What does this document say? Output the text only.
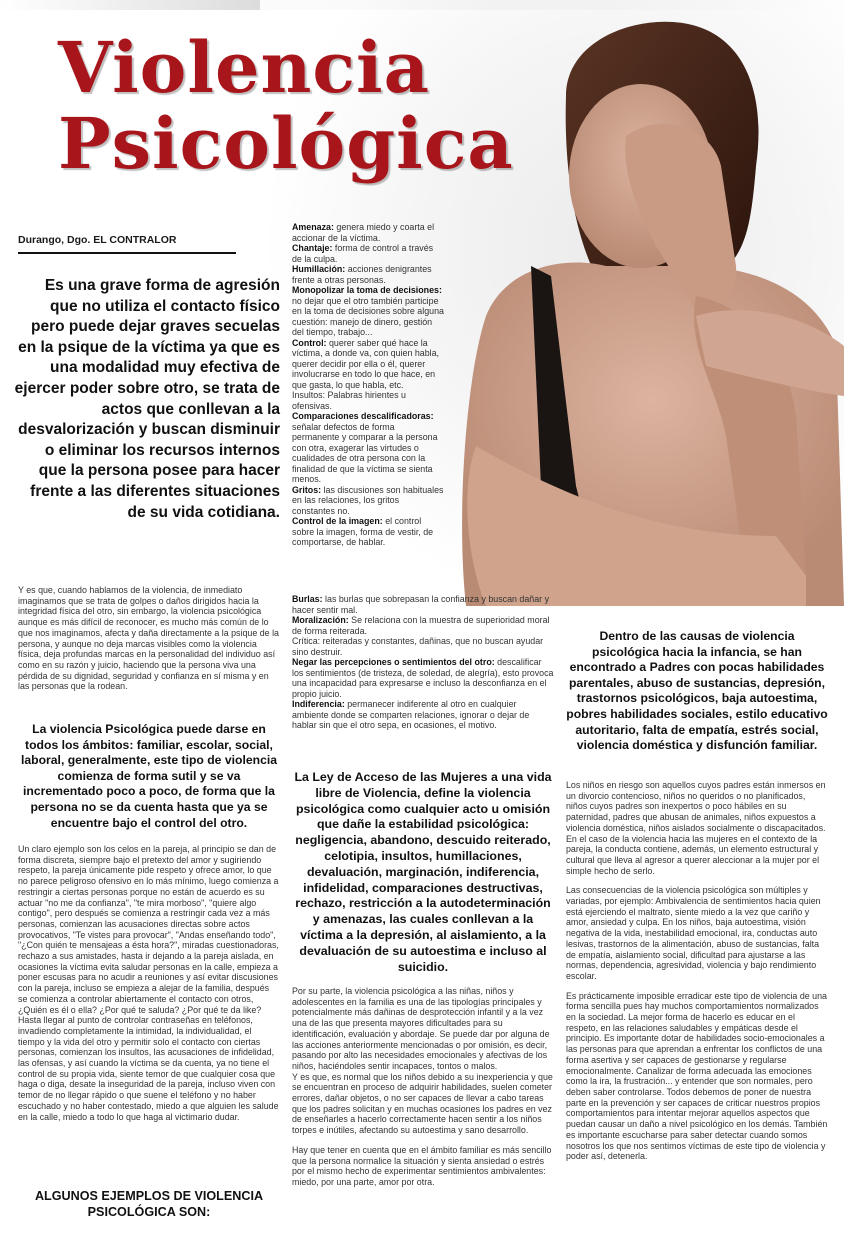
Violencia
Psicológica
Durango, Dgo. EL CONTRALOR
Es una grave forma de agresión que no utiliza el contacto físico pero puede dejar graves secuelas en la psique de la víctima ya que es una modalidad muy efectiva de ejercer poder sobre otro, se trata de actos que conllevan a la desvalorización y buscan disminuir o eliminar los recursos internos que la persona posee para hacer frente a las diferentes situaciones de su vida cotidiana.
Y es que, cuando hablamos de la violencia, de inmediato imaginamos que se trata de golpes o daños dirigidos hacia la integridad física del otro, sin embargo, la violencia psicológica aunque es más difícil de reconocer, es mucho más común de lo que nos imaginamos, afecta y daña directamente a la psique de la persona, y aunque no deja marcas visibles como la violencia física, deja profundas marcas en la personalidad del individuo así como en su razón y juicio, haciendo que la persona viva una pérdida de su dignidad, seguridad y confianza en sí misma y en las personas que la rodean.
La violencia Psicológica puede darse en todos los ámbitos: familiar, escolar, social, laboral, generalmente, este tipo de violencia comienza de forma sutil y se va incrementado poco a poco, de forma que la persona no se da cuenta hasta que ya se encuentre bajo el control del otro.
Un claro ejemplo son los celos en la pareja, al principio se dan de forma discreta, siempre bajo el pretexto del amor y sugiriendo respeto, la pareja únicamente pide respeto y ofrece amor, lo que no parece peligroso ofensivo en lo más mínimo, luego comienza a restringir a ciertas personas porque no están de acuerdo es su actuar "no me da confianza", "te mira morboso", "quiere algo contigo", pero después se comienza a restringir cada vez a más personas, comienzan las acusaciones directas sobre actos provocativos, "Te vistes para provocar", "Andas enseñando todo", "¿Con quién te mensajeas a ésta hora?", miradas cuestionadoras, rechazo a sus amistades, hasta ir dejando a la pareja aislada, en ocasiones la víctima evita saludar personas en la calle, empieza a poner escusas para no acudir a reuniones y así evitar discusiones con la pareja, incluso se empieza a alejar de la familia, después se comienza a controlar abiertamente el contacto con otros, ¿Quién es él o ella? ¿Por qué te saluda? ¿Por qué te da like? Hasta llegar al punto de controlar contraseñas en teléfonos, invadiendo completamente la intimidad, la individualidad, el tiempo y la vida del otro y permitir solo el contacto con ciertas personas, comienzan los insultos, las acusaciones de infidelidad, las ofensas, y así cuando la víctima se da cuenta, ya no tiene el control de su propia vida, siente temor de que cualquier cosa que haga o diga, desate la inseguridad de la pareja, incluso viven con temor de no llegar rápido o que suene el teléfono y no haber escuchado y no haber contestado, miedo a que alguien les salude en la calle, miedo a todo lo que haga al victimario dudar.
ALGUNOS EJEMPLOS DE VIOLENCIA PSICOLÓGICA SON:
Amenaza: genera miedo y coarta el accionar de la víctima.
Chantaje: forma de control a través de la culpa.
Humillación: acciones denigrantes frente a otras personas.
Monopolizar la toma de decisiones: no dejar que el otro también participe en la toma de decisiones sobre alguna cuestión: manejo de dinero, gestión del tiempo, trabajo...
Control: querer saber qué hace la víctima, a donde va, con quien habla, querer decidir por ella o él, querer involucrarse en todo lo que hace, en que gasta, lo que habla, etc.
Insultos: Palabras hirientes u ofensivas.
Comparaciones descalificadoras: señalar defectos de forma permanente y comparar a la persona con otra, exagerar las virtudes o cualidades de otra persona con la finalidad de que la víctima se sienta menos.
Gritos: las discusiones son habituales en las relaciones, los gritos constantes no.
Control de la imagen: el control sobre la imagen, forma de vestir, de comportarse, de hablar.
Burlas: las burlas que sobrepasan la confianza y buscan dañar y hacer sentir mal.
Moralización: Se relaciona con la muestra de superioridad moral de forma reiterada.
Crítica: reiteradas y constantes, dañinas, que no buscan ayudar sino destruir.
Negar las percepciones o sentimientos del otro: descalificar los sentimientos (de tristeza, de soledad, de alegría), esto provoca una incapacidad para expresarse e incluso la desconfianza en el propio juicio.
Indiferencia: permanecer indiferente al otro en cualquier ambiente donde se comparten relaciones, ignorar o dejar de hablar sin que el otro sepa, en ocasiones, el motivo.
La Ley de Acceso de las Mujeres a una vida libre de Violencia, define la violencia psicológica como cualquier acto u omisión que dañe la estabilidad psicológica: negligencia, abandono, descuido reiterado, celotipia, insultos, humillaciones, devaluación, marginación, indiferencia, infidelidad, comparaciones destructivas, rechazo, restricción a la autodeterminación y amenazas, las cuales conllevan a la víctima a la depresión, al aislamiento, a la devaluación de su autoestima e incluso al suicidio.

Por su parte, la violencia psicológica a las niñas, niños y adolescentes en la familia es una de las tipologías principales y potencialmente más dañinas de desprotección infantil y a la vez una de las que presenta mayores dificultades para su identificación, evaluación y abordaje. Se puede dar por alguna de las acciones anteriormente mencionadas o por omisión, es decir, pasando por alto las necesidades emocionales y afectivas de los niños, haciéndoles sentir incapaces, tontos o malos.

Y es que, es normal que los niños debido a su inexperiencia y que se encuentran en proceso de adquirir habilidades, suelen cometer errores, dañar objetos, o no ser capaces de llevar a cabo tareas que los padres solicitan y en muchas ocasiones los padres en vez de enseñarles a hacerlo correctamente hacen sentir a los niños torpes e inútiles, afectando su autoestima y sano desarrollo.

Hay que tener en cuenta que en el ámbito familiar es más sencillo que la persona normalice la situación y sienta ansiedad o estrés por el mismo hecho de experimentar sentimientos ambivalentes: miedo, por una parte, amor por otra.

Dentro de las causas de violencia psicológica hacia la infancia, se han encontrado a Padres con pocas habilidades parentales, abuso de sustancias, depresión, trastornos psicológicos, baja autoestima, pobres habilidades sociales, estilo educativo autoritario, falta de empatía, estrés social, violencia doméstica y disfunción familiar.

Los niños en riesgo son aquellos cuyos padres están inmersos en un divorcio contencioso, niños no queridos o no planificados, niños cuyos padres son inexpertos o poco hábiles en su paternidad, padres que abusan de animales, niños expuestos a violencia doméstica, niños aislados socialmente o discapacitados. En el caso de la violencia hacia las mujeres en el contexto de la pareja, la conducta contiene, además, un elemento estructural y cultural que lleva al agresor a querer aleccionar a la mujer por el simple hecho de serlo.

Las consecuencias de la violencia psicológica son múltiples y variadas, por ejemplo: Ambivalencia de sentimientos hacia quien está ejerciendo el maltrato, siente miedo a la vez que cariño y amor, ansiedad y culpa. En los niños, baja autoestima, visión negativa de la vida, inestabilidad emocional, ira, conductas auto lesivas, trastornos de la alimentación, abuso de sustancias, falta de empatía, aislamiento social, dificultad para ajustarse a las normas, dependencia, agresividad, violencia y bajo rendimiento escolar.

Es prácticamente imposible erradicar este tipo de violencia de una forma sencilla pues hay muchos comportamientos normalizados en la sociedad. La mejor forma de hacerlo es educar en el respeto, en las relaciones saludables y empáticas desde el principio. Es importante dotar de habilidades socio-emocionales a las personas para que aprendan a enfrentar los conflictos de una forma asertiva y ser capaces de gestionarse y regularse emocionalmente. Canalizar de forma adecuada las emociones como la ira, la frustración... y entender que son normales, pero deben saber controlarse. Todos debemos de poner de nuestra parte en la prevención y ser capaces de criticar nuestros propios comportamientos para intentar mejorar aquellos aspectos que puedan causar un daño a nivel psicológico en los demás. También es importante escucharse para saber detectar cuando somos nosotros los que nos sentimos víctimas de este tipo de violencia y poder así, detenerla.
